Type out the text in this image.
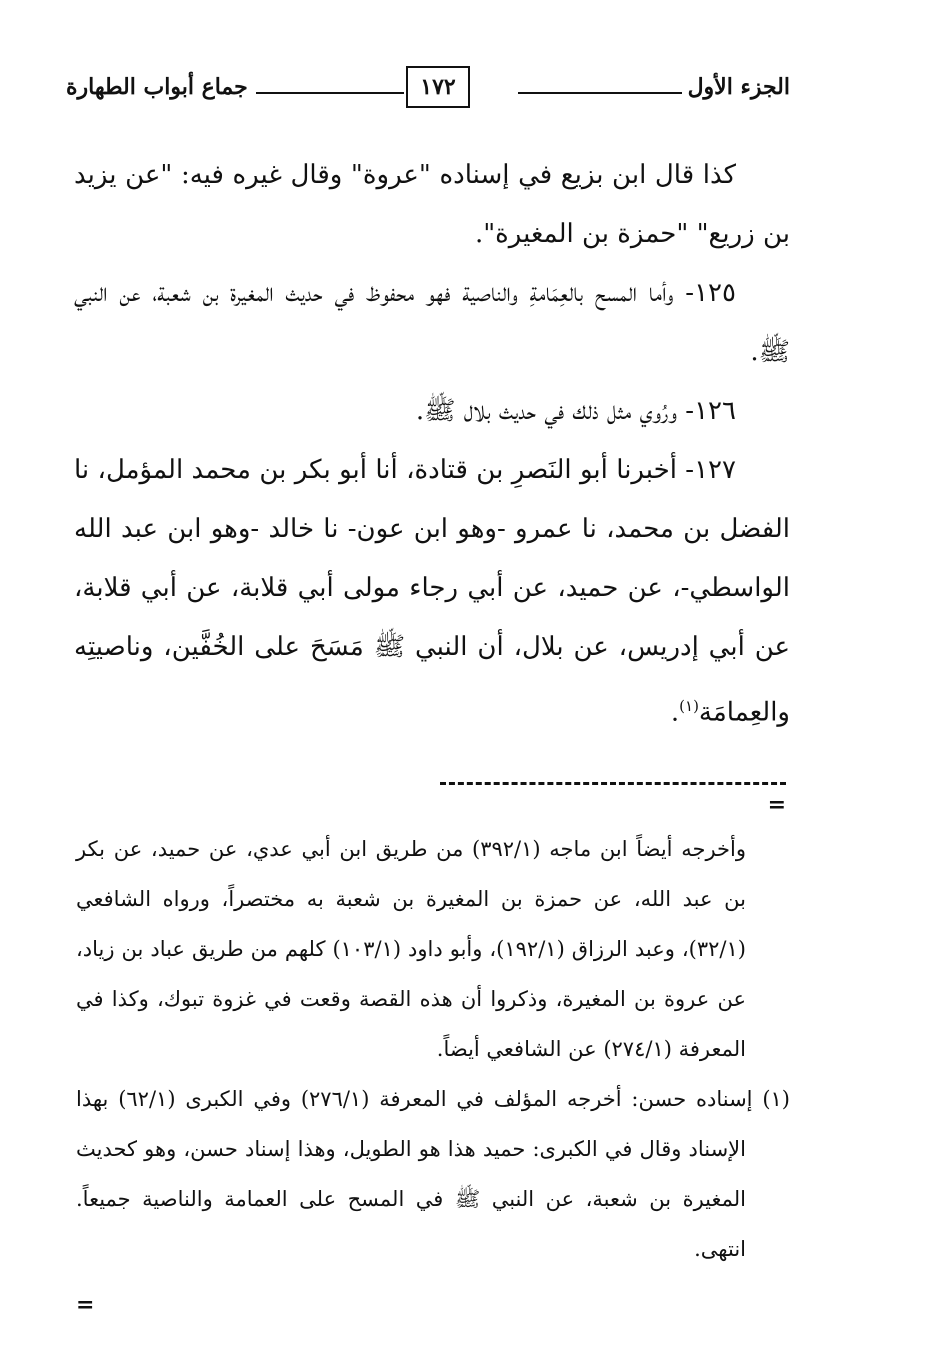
الجزء الأول
١٧٢
جماع أبواب الطهارة

كذا قال ابن بزيع في إسناده "عروة" وقال غيره فيه: "عن يزيد بن زريع" "حمزة بن المغيرة".

١٢٥- وأما المسح بالعِمَامةِ والناصية فهو محفوظ في حديث المغيرة بن شعبة، عن النبي ﷺ.

١٢٦- ورُوي مثل ذلك في حديث بلال ﷺ.

١٢٧- أخبرنا أبو النَصرِ بن قتادة، أنا أبو بكر بن محمد المؤمل، نا الفضل بن محمد، نا عمرو -وهو ابن عون- نا خالد -وهو ابن عبد الله الواسطي-، عن حميد، عن أبي رجاء مولى أبي قلابة، عن أبي قلابة، عن أبي إدريس، عن بلال، أن النبي ﷺ مَسَحَ على الخُفَّين، وناصيتِه والعِمامَة$^{(١)}$.

=

وأخرجه أيضاً ابن ماجه (٣٩٢/١) من طريق ابن أبي عدي، عن حميد، عن بكر بن عبد الله، عن حمزة بن المغيرة بن شعبة به مختصراً، ورواه الشافعي (٣٢/١)، وعبد الرزاق (١٩٢/١)، وأبو داود (١٠٣/١) كلهم من طريق عباد بن زياد، عن عروة بن المغيرة، وذكروا أن هذه القصة وقعت في غزوة تبوك، وكذا في المعرفة (٢٧٤/١) عن الشافعي أيضاً.

(١) إسناده حسن: أخرجه المؤلف في المعرفة (٢٧٦/١) وفي الكبرى (٦٢/١) بهذا الإسناد وقال في الكبرى: حميد هذا هو الطويل، وهذا إسناد حسن، وهو كحديث المغيرة بن شعبة، عن النبي ﷺ في المسح على العمامة والناصية جميعاً. انتهى.

=
